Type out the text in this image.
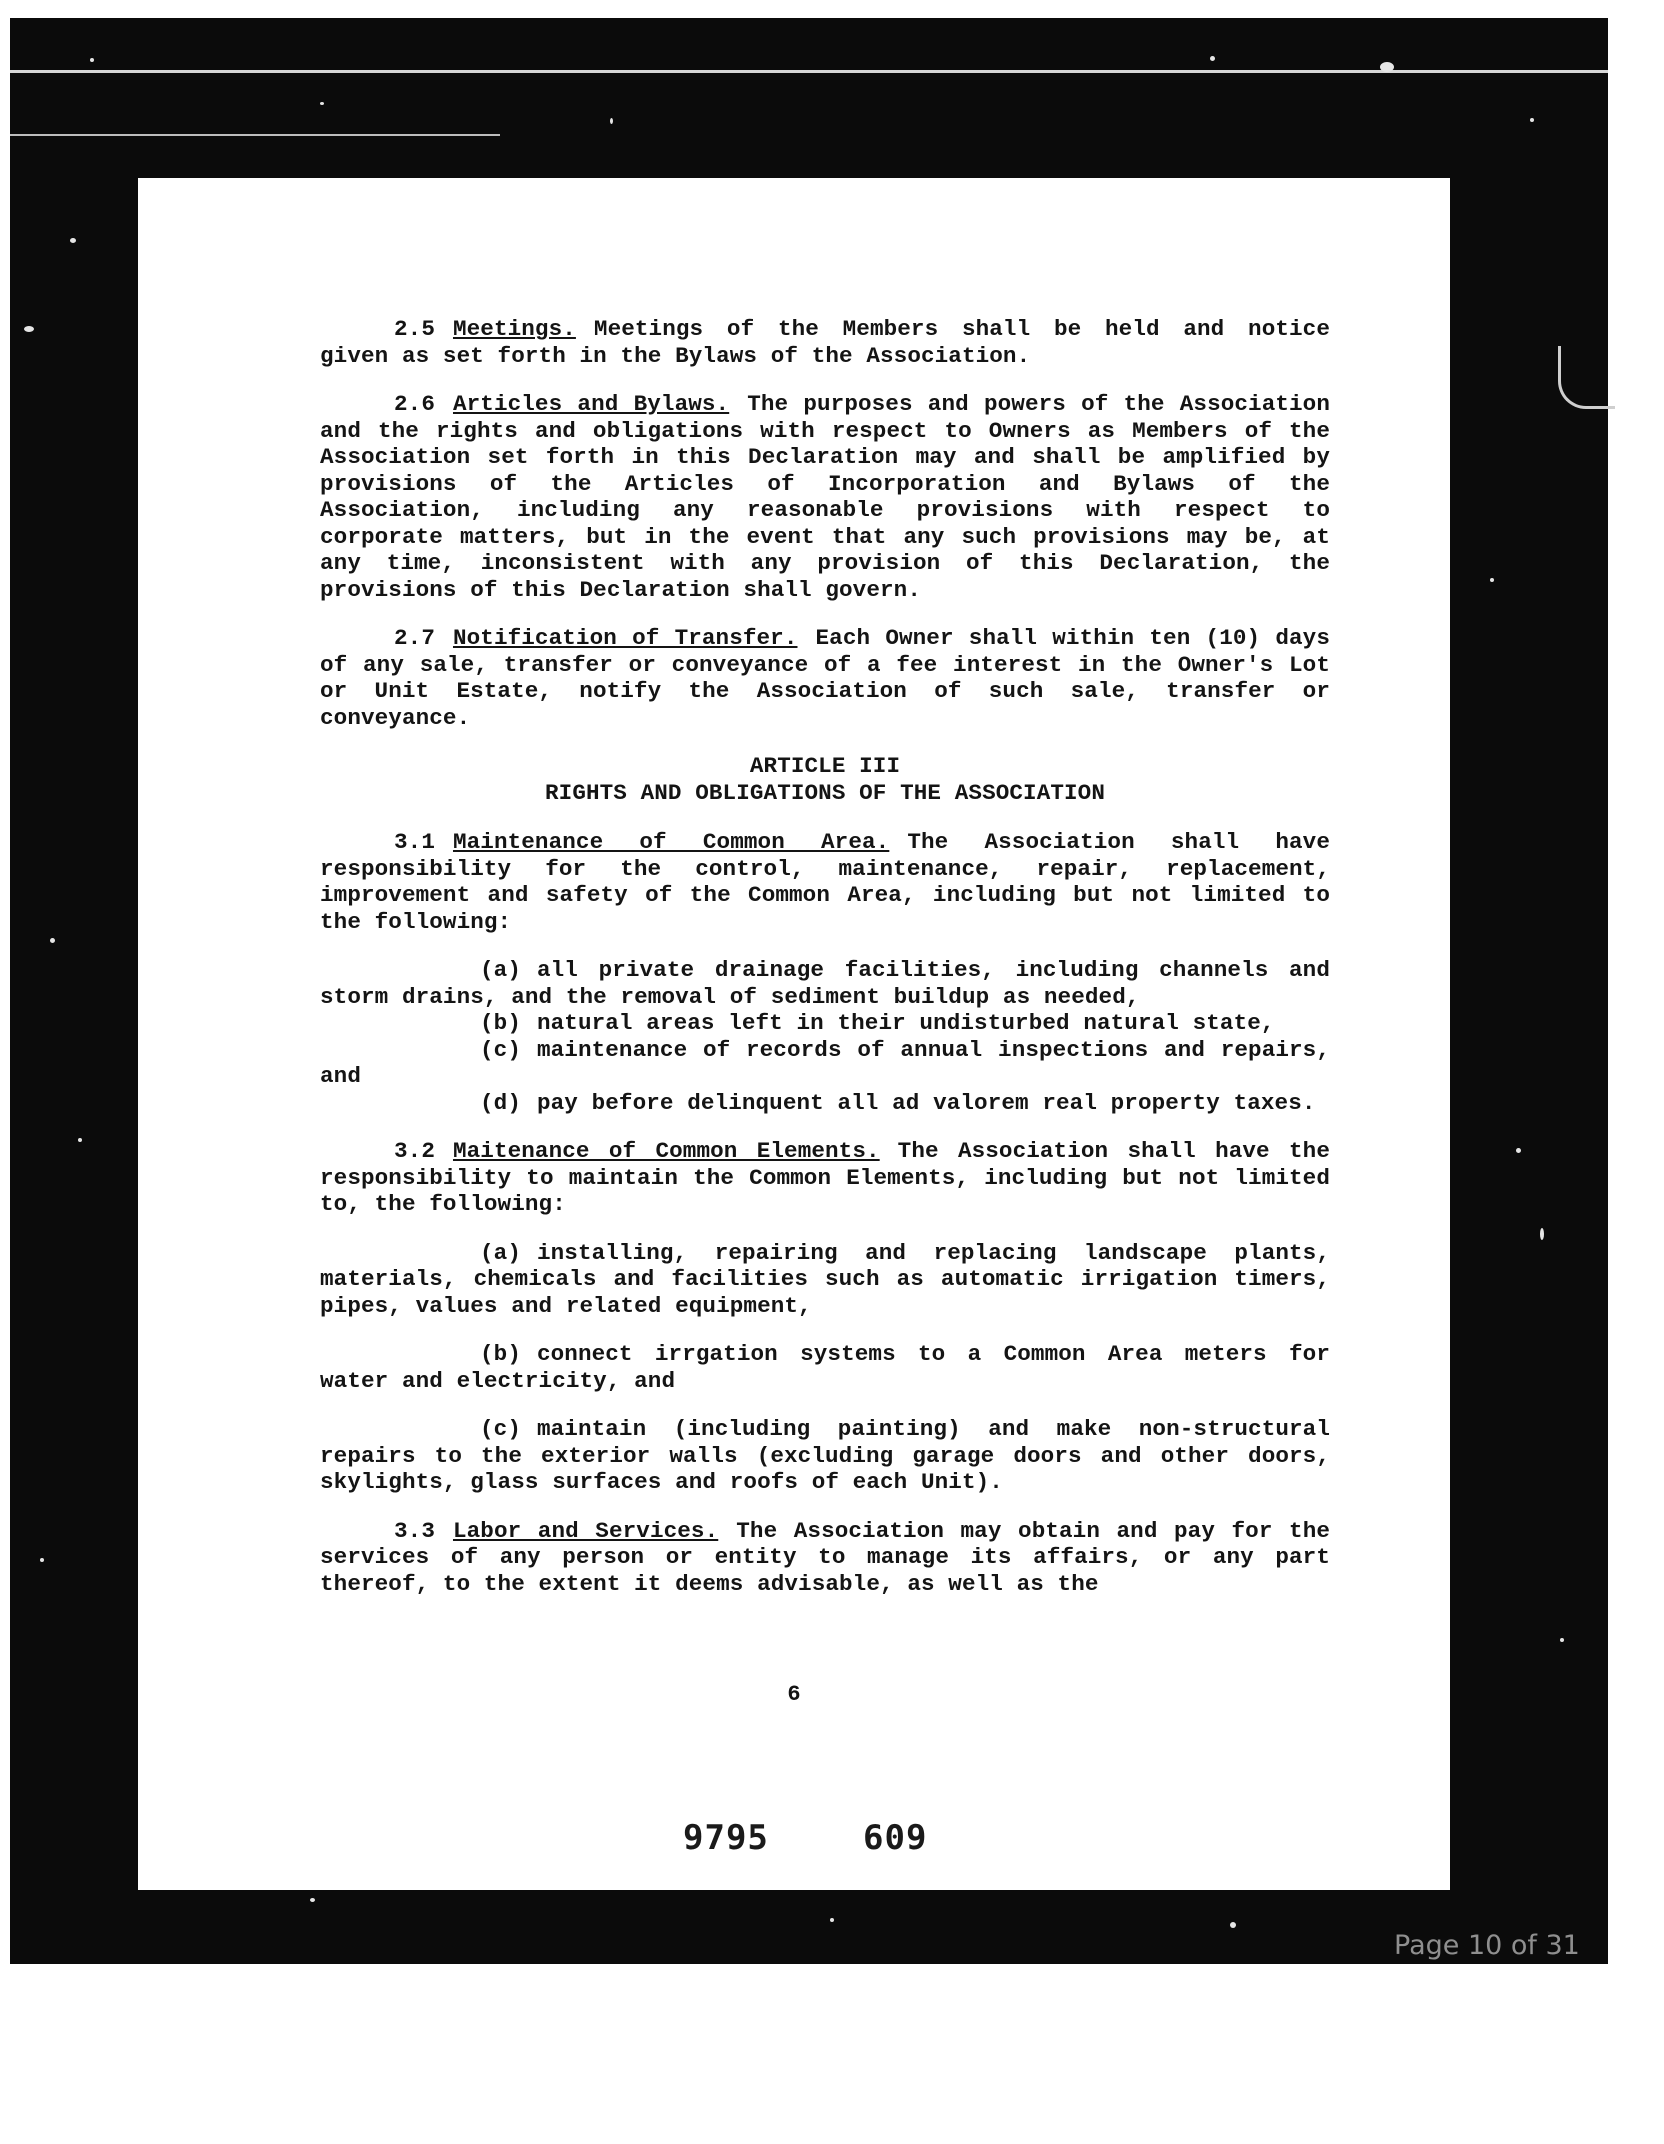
2.5 Meetings. Meetings of the Members shall be held and notice given as set forth in the Bylaws of the Association.

2.6 Articles and Bylaws. The purposes and powers of the Association and the rights and obligations with respect to Owners as Members of the Association set forth in this Declaration may and shall be amplified by provisions of the Articles of Incorporation and Bylaws of the Association, including any reasonable provisions with respect to corporate matters, but in the event that any such provisions may be, at any time, inconsistent with any provision of this Declaration, the provisions of this Declaration shall govern.

2.7 Notification of Transfer. Each Owner shall within ten (10) days of any sale, transfer or conveyance of a fee interest in the Owner's Lot or Unit Estate, notify the Association of such sale, transfer or conveyance.

ARTICLE III
RIGHTS AND OBLIGATIONS OF THE ASSOCIATION

3.1 Maintenance of Common Area. The Association shall have responsibility for the control, maintenance, repair, replacement, improvement and safety of the Common Area, including but not limited to the following:

(a) all private drainage facilities, including channels and storm drains, and the removal of sediment buildup as needed,

(b) natural areas left in their undisturbed natural state,

(c) maintenance of records of annual inspections and repairs, and

(d) pay before delinquent all ad valorem real property taxes.

3.2 Maitenance of Common Elements. The Association shall have the responsibility to maintain the Common Elements, including but not limited to, the following:

(a) installing, repairing and replacing landscape plants, materials, chemicals and facilities such as automatic irrigation timers, pipes, values and related equipment,

(b) connect irrgation systems to a Common Area meters for water and electricity, and

(c) maintain (including painting) and make non-structural repairs to the exterior walls (excluding garage doors and other doors, skylights, glass surfaces and roofs of each Unit).

3.3 Labor and Services. The Association may obtain and pay for the services of any person or entity to manage its affairs, or any part thereof, to the extent it deems advisable, as well as the

6
9795	609
Page 10 of 31
